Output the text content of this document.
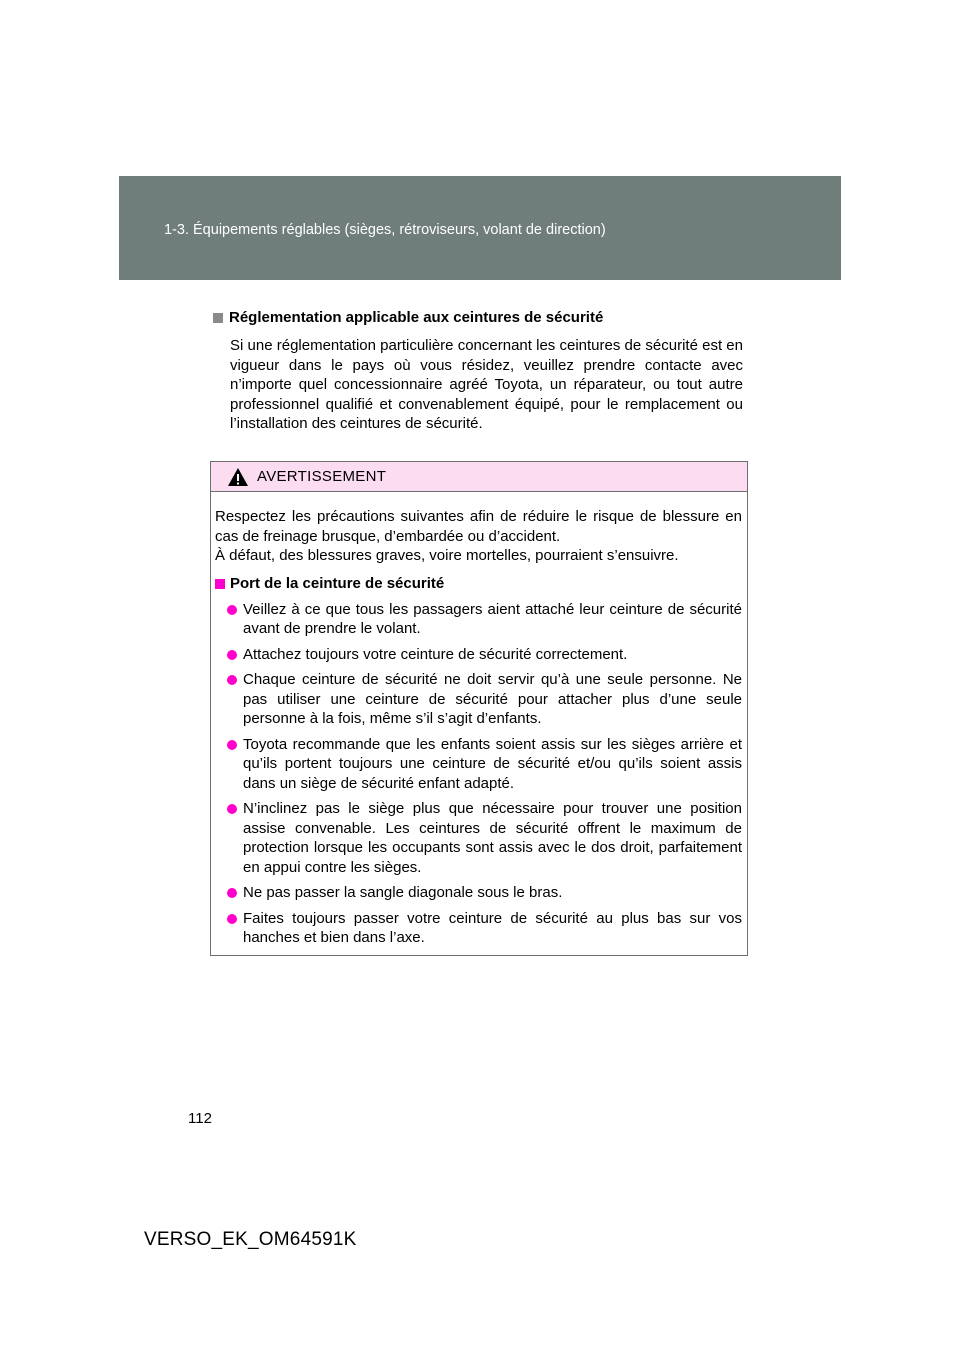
1-3. Équipements réglables (sièges, rétroviseurs, volant de direction)
Réglementation applicable aux ceintures de sécurité
Si une réglementation particulière concernant les ceintures de sécurité est en vigueur dans le pays où vous résidez, veuillez prendre contacte avec n’importe quel concessionnaire agréé Toyota, un réparateur, ou tout autre professionnel qualifié et convenablement équipé, pour le remplacement ou l’installation des ceintures de sécurité.
AVERTISSEMENT

Respectez les précautions suivantes afin de réduire le risque de blessure en cas de freinage brusque, d’embardée ou d’accident.

À défaut, des blessures graves, voire mortelles, pourraient s’ensuivre.

Port de la ceinture de sécurité
Veillez à ce que tous les passagers aient attaché leur ceinture de sécurité avant de prendre le volant.
Attachez toujours votre ceinture de sécurité correctement.
Chaque ceinture de sécurité ne doit servir qu’à une seule personne. Ne pas utiliser une ceinture de sécurité pour attacher plus d’une seule personne à la fois, même s’il s’agit d’enfants.
Toyota recommande que les enfants soient assis sur les sièges arrière et qu’ils portent toujours une ceinture de sécurité et/ou qu’ils soient assis dans un siège de sécurité enfant adapté.
N’inclinez pas le siège plus que nécessaire pour trouver une position assise convenable. Les ceintures de sécurité offrent le maximum de protection lorsque les occupants sont assis avec le dos droit, parfaitement en appui contre les sièges.
Ne pas passer la sangle diagonale sous le bras.
Faites toujours passer votre ceinture de sécurité au plus bas sur vos hanches et bien dans l’axe.
112
VERSO_EK_OM64591K
